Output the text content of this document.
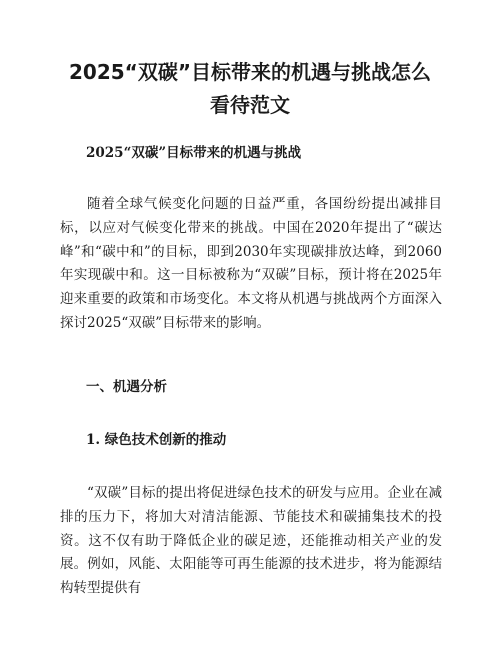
2025“双碳”目标带来的机遇与挑战怎么看待范文
2025“双碳”目标带来的机遇与挑战

随着全球气候变化问题的日益严重，各国纷纷提出减排目标，以应对气候变化带来的挑战。中国在2020年提出了“碳达峰”和“碳中和”的目标，即到2030年实现碳排放达峰，到2060年实现碳中和。这一目标被称为“双碳”目标，预计将在2025年迎来重要的政策和市场变化。本文将从机遇与挑战两个方面深入探讨2025“双碳”目标带来的影响。

一、机遇分析
1. 绿色技术创新的推动

“双碳”目标的提出将促进绿色技术的研发与应用。企业在减排的压力下，将加大对清洁能源、节能技术和碳捕集技术的投资。这不仅有助于降低企业的碳足迹，还能推动相关产业的发展。例如，风能、太阳能等可再生能源的技术进步，将为能源结构转型提供有
